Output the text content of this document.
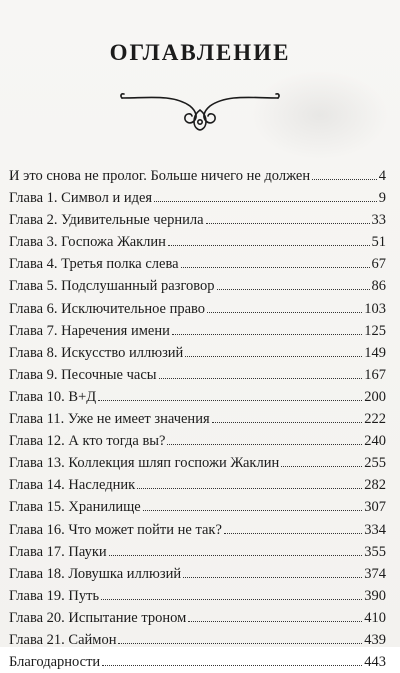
ОГЛАВЛЕНИЕ
И это снова не пролог. Больше ничего не должен	4
Глава 1. Символ и идея	9
Глава 2. Удивительные чернила	33
Глава 3. Госпожа Жаклин	51
Глава 4. Третья полка слева	67
Глава 5. Подслушанный разговор	86
Глава 6. Исключительное право	103
Глава 7. Наречения имени	125
Глава 8. Искусство иллюзий	149
Глава 9. Песочные часы	167
Глава 10. В+Д	200
Глава 11. Уже не имеет значения	222
Глава 12. А кто тогда вы?	240
Глава 13. Коллекция шляп госпожи Жаклин	255
Глава 14. Наследник	282
Глава 15. Хранилище	307
Глава 16. Что может пойти не так?	334
Глава 17. Пауки	355
Глава 18. Ловушка иллюзий	374
Глава 19. Путь	390
Глава 20. Испытание троном	410
Глава 21. Саймон	439
Благодарности	443
